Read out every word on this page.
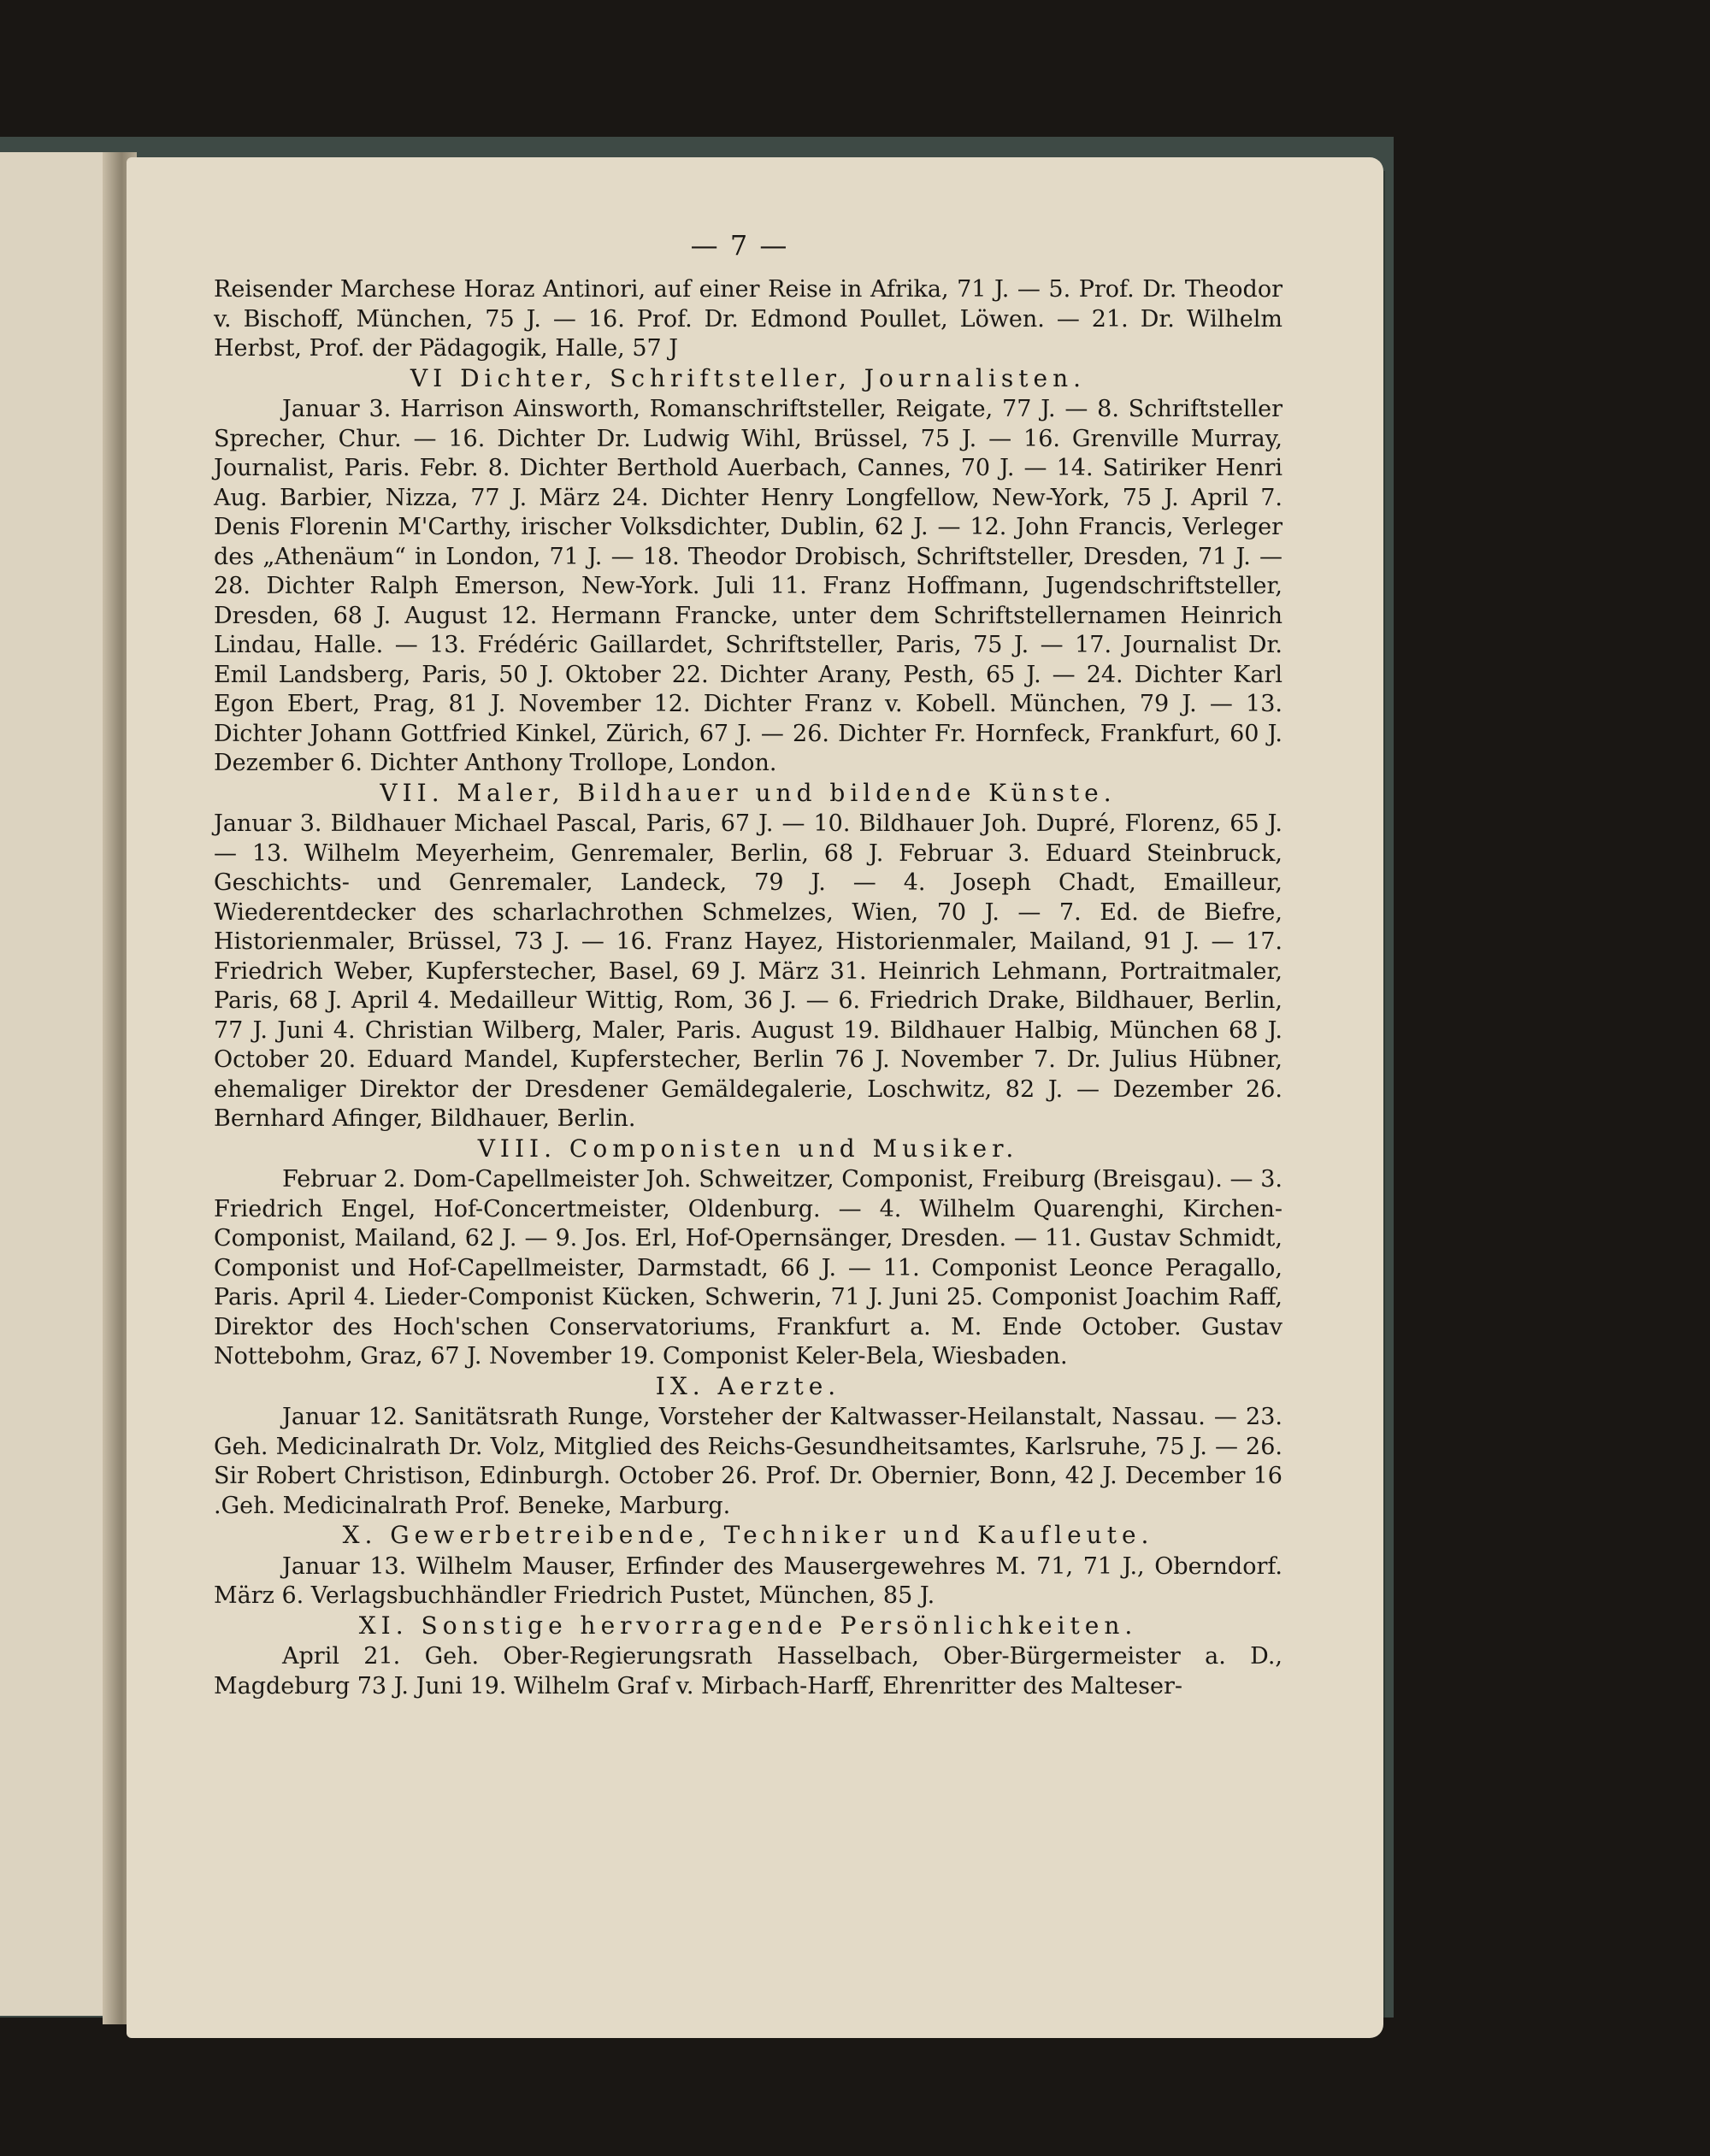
— 7 —

Reisender Marchese Horaz Antinori, auf einer Reise in Afrika, 71 J. — 5. Prof. Dr. Theodor v. Bischoff, München, 75 J. — 16. Prof. Dr. Edmond Poullet, Löwen. — 21. Dr. Wilhelm Herbst, Prof. der Pädagogik, Halle, 57 J

VI Dichter, Schriftsteller, Journalisten.

Januar 3. Harrison Ainsworth, Romanschriftsteller, Reigate, 77 J. — 8. Schriftsteller Sprecher, Chur. — 16. Dichter Dr. Ludwig Wihl, Brüssel, 75 J. — 16. Grenville Murray, Journalist, Paris. Febr. 8. Dichter Berthold Auerbach, Cannes, 70 J. — 14. Satiriker Henri Aug. Barbier, Nizza, 77 J. März 24. Dichter Henry Longfellow, New-York, 75 J. April 7. Denis Florenin M'Carthy, irischer Volksdichter, Dublin, 62 J. — 12. John Francis, Verleger des „Athenäum“ in London, 71 J. — 18. Theodor Drobisch, Schriftsteller, Dresden, 71 J. — 28. Dichter Ralph Emerson, New-York. Juli 11. Franz Hoffmann, Jugendschriftsteller, Dresden, 68 J. August 12. Hermann Francke, unter dem Schriftstellernamen Heinrich Lindau, Halle. — 13. Frédéric Gaillardet, Schriftsteller, Paris, 75 J. — 17. Journalist Dr. Emil Landsberg, Paris, 50 J. Oktober 22. Dichter Arany, Pesth, 65 J. — 24. Dichter Karl Egon Ebert, Prag, 81 J. November 12. Dichter Franz v. Kobell. München, 79 J. — 13. Dichter Johann Gottfried Kinkel, Zürich, 67 J. — 26. Dichter Fr. Hornfeck, Frankfurt, 60 J. Dezember 6. Dichter Anthony Trollope, London.

VII. Maler, Bildhauer und bildende Künste.

Januar 3. Bildhauer Michael Pascal, Paris, 67 J. — 10. Bildhauer Joh. Dupré, Florenz, 65 J. — 13. Wilhelm Meyerheim, Genremaler, Berlin, 68 J. Februar 3. Eduard Steinbruck, Geschichts- und Genremaler, Landeck, 79 J. — 4. Joseph Chadt, Emailleur, Wiederentdecker des scharlachrothen Schmelzes, Wien, 70 J. — 7. Ed. de Biefre, Historienmaler, Brüssel, 73 J. — 16. Franz Hayez, Historienmaler, Mailand, 91 J. — 17. Friedrich Weber, Kupferstecher, Basel, 69 J. März 31. Heinrich Lehmann, Portraitmaler, Paris, 68 J. April 4. Medailleur Wittig, Rom, 36 J. — 6. Friedrich Drake, Bildhauer, Berlin, 77 J. Juni 4. Christian Wilberg, Maler, Paris. August 19. Bildhauer Halbig, München 68 J. October 20. Eduard Mandel, Kupferstecher, Berlin 76 J. November 7. Dr. Julius Hübner, ehemaliger Direktor der Dresdener Gemäldegalerie, Loschwitz, 82 J. — Dezember 26. Bernhard Afinger, Bildhauer, Berlin.

VIII. Componisten und Musiker.

Februar 2. Dom-Capellmeister Joh. Schweitzer, Componist, Freiburg (Breisgau). — 3. Friedrich Engel, Hof-Concertmeister, Oldenburg. — 4. Wilhelm Quarenghi, Kirchen-Componist, Mailand, 62 J. — 9. Jos. Erl, Hof-Opernsänger, Dresden. — 11. Gustav Schmidt, Componist und Hof-Capellmeister, Darmstadt, 66 J. — 11. Componist Leonce Peragallo, Paris. April 4. Lieder-Componist Kücken, Schwerin, 71 J. Juni 25. Componist Joachim Raff, Direktor des Hoch'schen Conservatoriums, Frankfurt a. M. Ende October. Gustav Nottebohm, Graz, 67 J. November 19. Componist Keler-Bela, Wiesbaden.

IX. Aerzte.

Januar 12. Sanitätsrath Runge, Vorsteher der Kaltwasser-Heilanstalt, Nassau. — 23. Geh. Medicinalrath Dr. Volz, Mitglied des Reichs-Gesundheitsamtes, Karlsruhe, 75 J. — 26. Sir Robert Christison, Edinburgh. October 26. Prof. Dr. Obernier, Bonn, 42 J. December 16 .Geh. Medicinalrath Prof. Beneke, Marburg.

X. Gewerbetreibende, Techniker und Kaufleute.

Januar 13. Wilhelm Mauser, Erfinder des Mausergewehres M. 71, 71 J., Oberndorf. März 6. Verlagsbuchhändler Friedrich Pustet, München, 85 J.

XI. Sonstige hervorragende Persönlichkeiten.

April 21. Geh. Ober-Regierungsrath Hasselbach, Ober-Bürgermeister a. D., Magdeburg 73 J. Juni 19. Wilhelm Graf v. Mirbach-Harff, Ehrenritter des Malteser-
